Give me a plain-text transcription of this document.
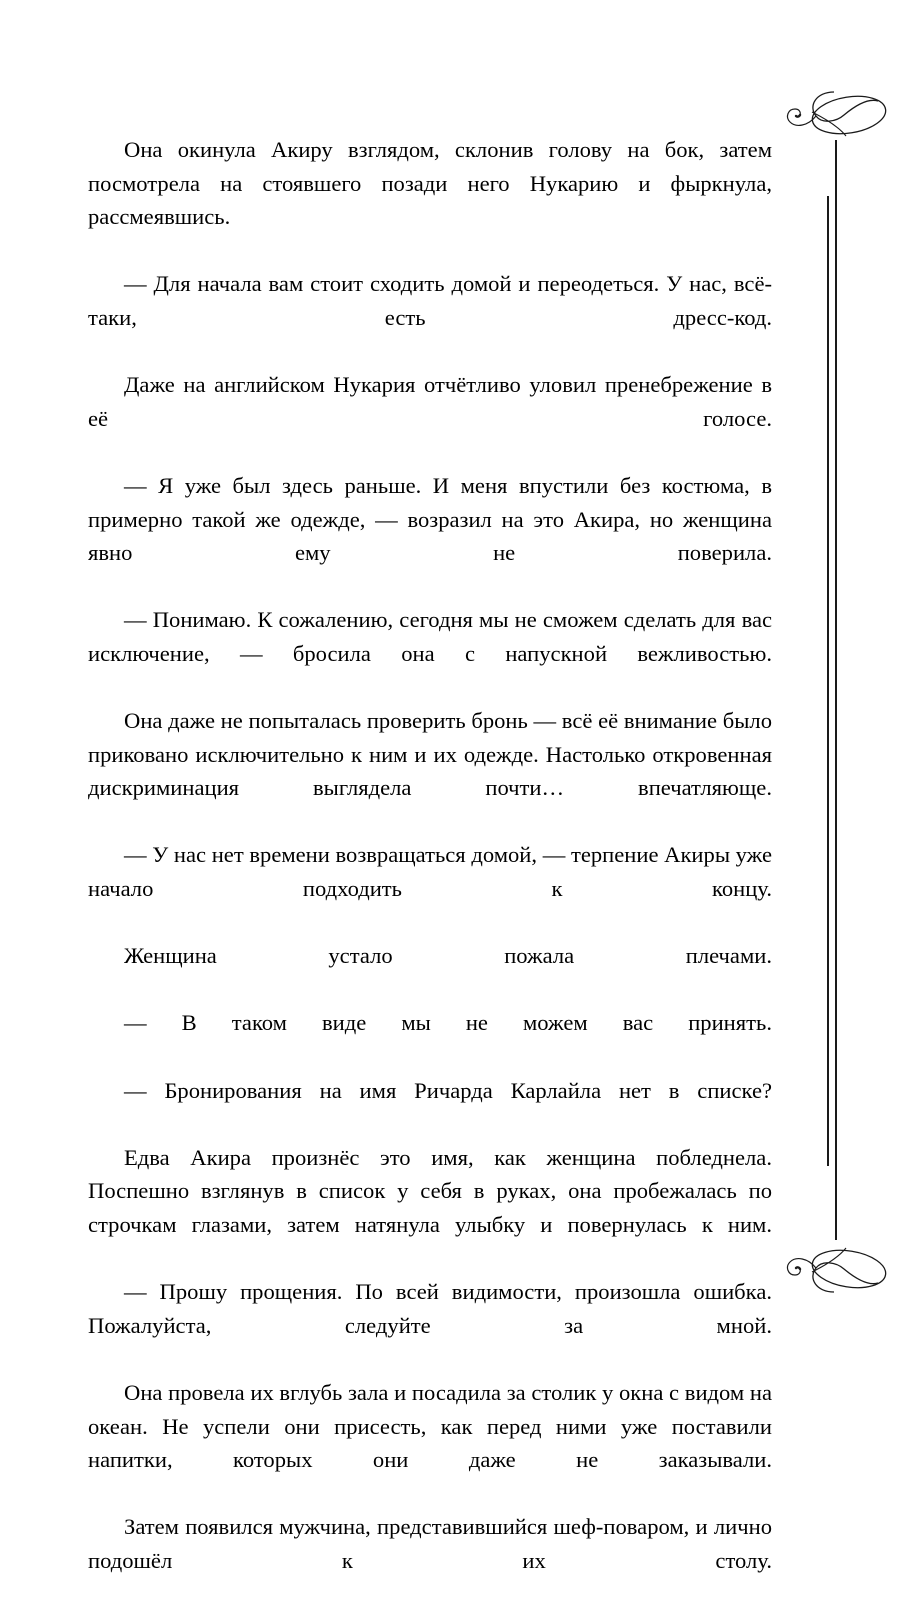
Она окинула Акиру взглядом, склонив голову на бок, затем посмотрела на стоявшего позади него Нукарию и фыркнула, рассмеявшись.

— Для начала вам стоит сходить домой и переодеться. У нас, всё-таки, есть дресс-код.

Даже на английском Нукария отчётливо уловил пренебрежение в её голосе.

— Я уже был здесь раньше. И меня впустили без костюма, в примерно такой же одежде, — возразил на это Акира, но женщина явно ему не поверила.

— Понимаю. К сожалению, сегодня мы не сможем сделать для вас исключение, — бросила она с напускной вежливостью.

Она даже не попыталась проверить бронь — всё её внимание было приковано исключительно к ним и их одежде. Настолько откровенная дискриминация выглядела почти… впечатляюще.

— У нас нет времени возвращаться домой, — терпение Акиры уже начало подходить к концу.

Женщина устало пожала плечами.

— В таком виде мы не можем вас принять.

— Бронирования на имя Ричарда Карлайла нет в списке?

Едва Акира произнёс это имя, как женщина побледнела. Поспешно взглянув в список у себя в руках, она пробежалась по строчкам глазами, затем натянула улыбку и повернулась к ним.

— Прошу прощения. По всей видимости, произошла ошибка. Пожалуйста, следуйте за мной.

Она провела их вглубь зала и посадила за столик у окна с видом на океан. Не успели они присесть, как перед ними уже поставили напитки, которых они даже не заказывали.

Затем появился мужчина, представившийся шеф-поваром, и лично подошёл к их столу.
